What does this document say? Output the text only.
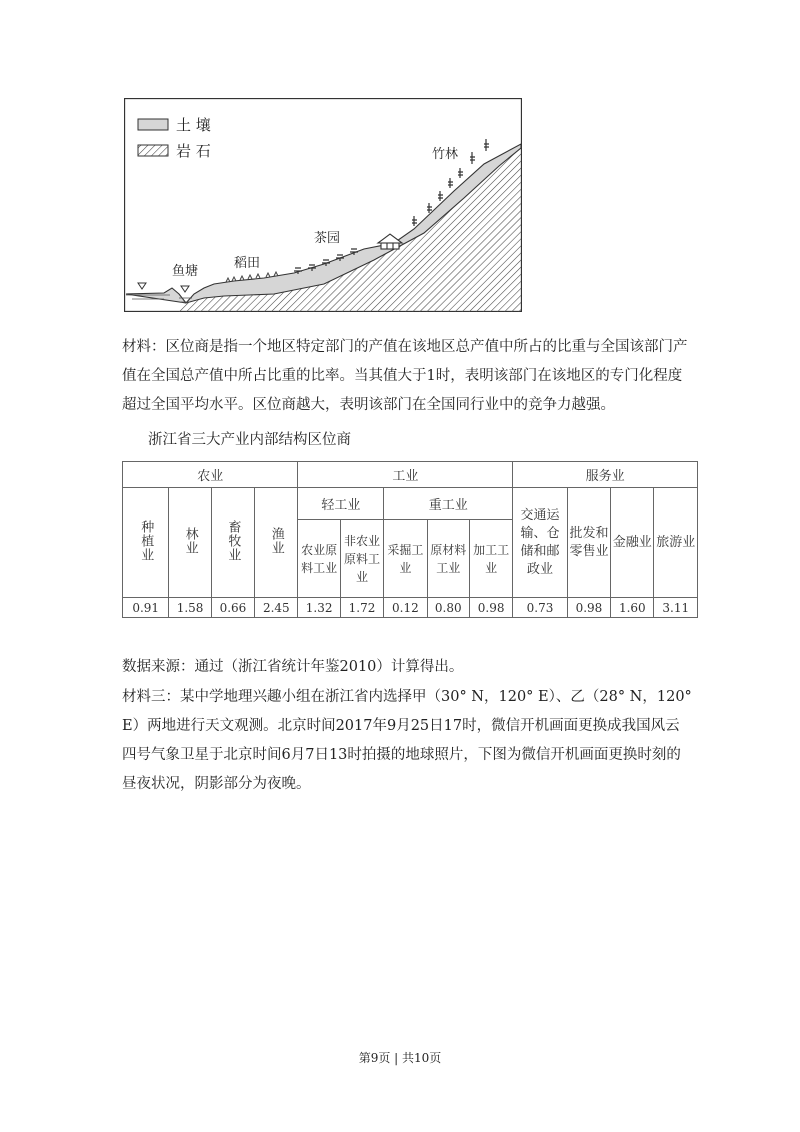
土 壤
岩 石
鱼塘
稻田
茶园
竹林

材料：区位商是指一个地区特定部门的产值在该地区总产值中所占的比重与全国该部门产值在全国总产值中所占比重的比率。当其值大于1时，表明该部门在该地区的专门化程度超过全国平均水平。区位商越大，表明该部门在全国同行业中的竞争力越强。

浙江省三大产业内部结构区位商

农业				工业					服务业			
种植业	林业	畜牧业	渔业	轻工业		重工业			交通运输、仓储和邮政业	批发和零售业	金融业	旅游业
				农业原料工业	非农业原料工业	采掘工业	原材料工业	加工工业				
0.91	1.58	0.66	2.45	1.32	1.72	0.12	0.80	0.98	0.73	0.98	1.60	3.11

数据来源：通过（浙江省统计年鉴2010）计算得出。

材料三：某中学地理兴趣小组在浙江省内选择甲（30° N，120° E）、乙（28° N，120° E）两地进行天文观测。北京时间2017年9月25日17时，微信开机画面更换成我国风云四号气象卫星于北京时间6月7日13时拍摄的地球照片，下图为微信开机画面更换时刻的昼夜状况，阴影部分为夜晚。

第9页 | 共10页
